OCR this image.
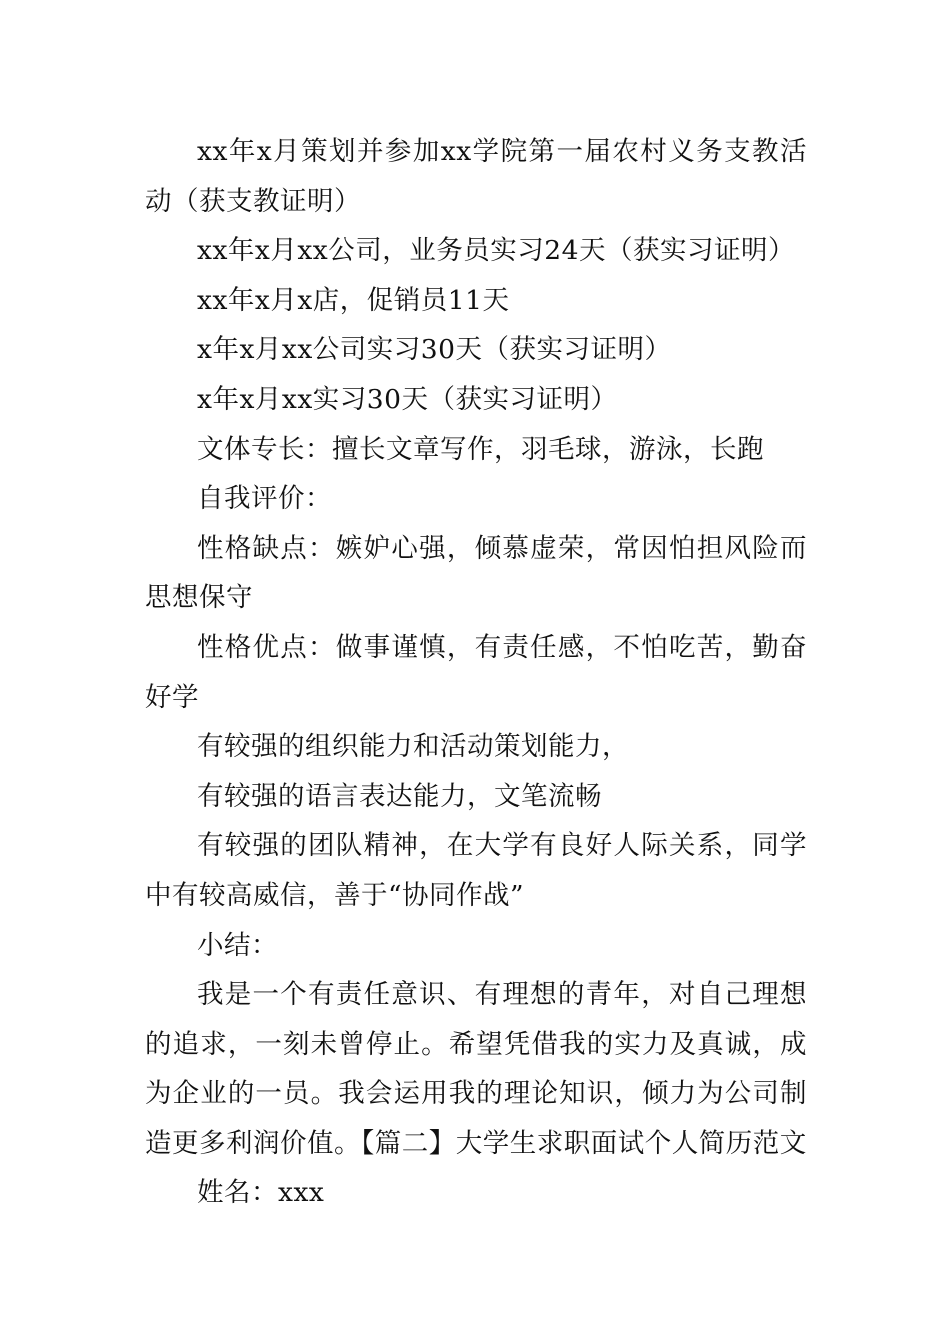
xx年x月策划并参加xx学院第一届农村义务支教活动（获支教证明）

xx年x月xx公司，业务员实习24天（获实习证明）

xx年x月x店，促销员11天

x年x月xx公司实习30天（获实习证明）

x年x月xx实习30天（获实习证明）

文体专长：擅长文章写作，羽毛球，游泳，长跑

自我评价：

性格缺点：嫉妒心强，倾慕虚荣，常因怕担风险而思想保守

性格优点：做事谨慎，有责任感，不怕吃苦，勤奋好学

有较强的组织能力和活动策划能力，

有较强的语言表达能力，文笔流畅

有较强的团队精神，在大学有良好人际关系，同学中有较高威信，善于“协同作战”

小结：

我是一个有责任意识、有理想的青年，对自己理想的追求，一刻未曾停止。希望凭借我的实力及真诚，成为企业的一员。我会运用我的理论知识，倾力为公司制造更多利润价值。【篇二】大学生求职面试个人简历范文

姓名：xxx
